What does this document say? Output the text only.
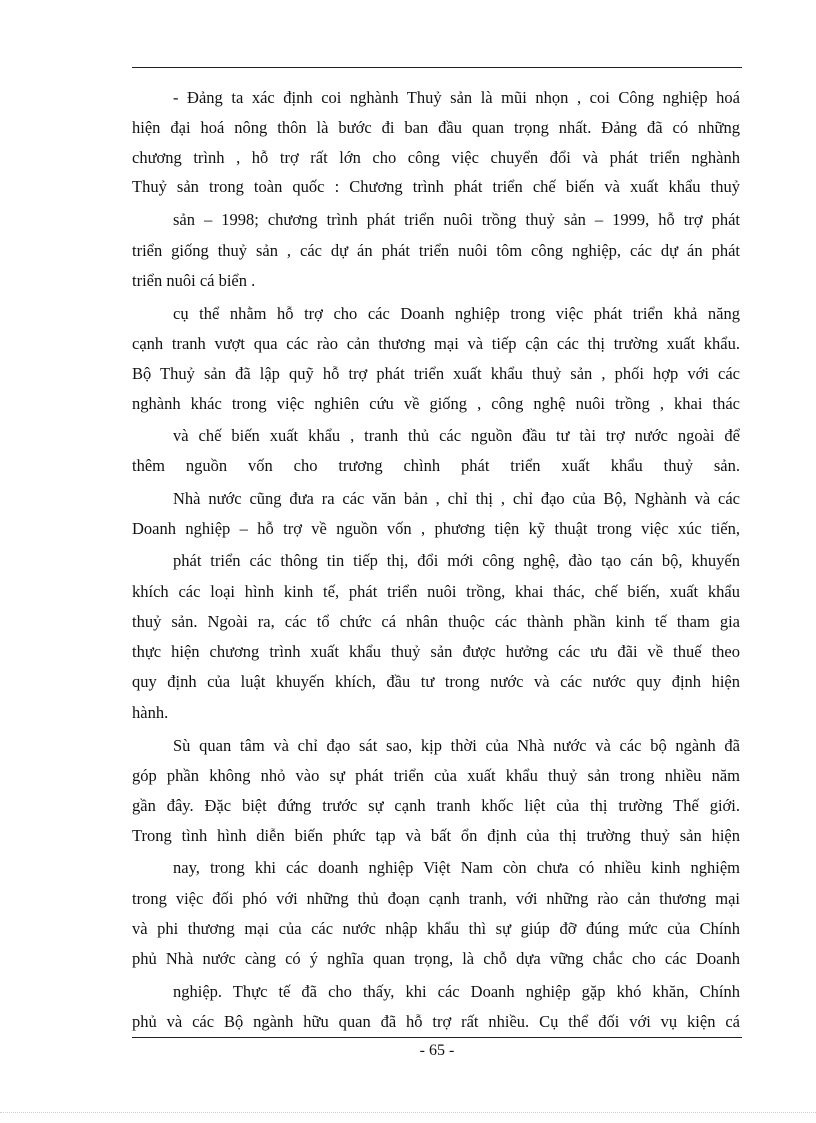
- Đảng ta xác định coi nghành Thuỷ sản là mũi nhọn , coi Công nghiệp hoá
hiện đại hoá nông thôn là bước đi ban đầu quan trọng nhất. Đảng đã có những
chương trình , hỗ trợ rất lớn cho công việc chuyển đổi và phát triển nghành
Thuỷ sản trong toàn quốc : Chương trình phát triển chế biến và xuất khẩu thuỷ
sản – 1998; chương trình phát triển nuôi trồng thuỷ sản – 1999, hỗ trợ phát
triển giống thuỷ sản , các dự án phát triển nuôi tôm công nghiệp, các dự án phát
triển nuôi cá biển .
cụ thể nhằm hỗ trợ cho các Doanh nghiệp trong việc phát triển khả năng
cạnh tranh vượt qua các rào cản thương mại và tiếp cận các thị trường xuất khẩu.
Bộ Thuỷ sản đã lập quỹ hỗ trợ phát triển xuất khẩu thuỷ sản , phối hợp với các
nghành khác trong việc nghiên cứu về giống , công nghệ nuôi trồng , khai thác
và chế biến xuất khẩu , tranh thủ các nguồn đầu tư tài trợ nước ngoài để
thêm nguồn vốn cho trương chình phát triển xuất khẩu thuỷ sản.
Nhà nước cũng đưa ra các văn bản , chỉ thị , chỉ đạo của Bộ, Nghành và các
Doanh nghiệp – hỗ trợ về nguồn vốn , phương tiện kỹ thuật trong việc xúc tiến,
phát triển các thông tin tiếp thị, đổi mới công nghệ, đào tạo cán bộ, khuyến
khích các loại hình kinh tế, phát triển nuôi trồng, khai thác, chế biến, xuất khẩu
thuỷ sản. Ngoài ra, các tổ chức cá nhân thuộc các thành phần kinh tế tham gia
thực hiện chương trình xuất khẩu thuỷ sản được hưởng các ưu đãi về thuế theo
quy định của luật khuyến khích, đầu tư trong nước và các nước quy định hiện
hành.
Sù quan tâm và chỉ đạo sát sao, kịp thời của Nhà nước và các bộ ngành đã
góp phần không nhỏ vào sự phát triển của xuất khẩu thuỷ sản trong nhiều năm
gần đây. Đặc biệt đứng trước sự cạnh tranh khốc liệt của thị trường Thế giới.
Trong tình hình diễn biến phức tạp và bất ổn định của thị trường thuỷ sản hiện
nay, trong khi các doanh nghiệp Việt Nam còn chưa có nhiều kinh nghiệm
trong việc đối phó với những thủ đoạn cạnh tranh, với những rào cản thương mại
và phi thương mại của các nước nhập khẩu thì sự giúp đỡ đúng mức của Chính
phủ Nhà nước càng có ý nghĩa quan trọng, là chỗ dựa vững chắc cho các Doanh
nghiệp. Thực tế đã cho thấy, khi các Doanh nghiệp gặp khó khăn, Chính
phủ và các Bộ ngành hữu quan đã hỗ trợ rất nhiều. Cụ thể đối với vụ kiện cá
- 65 -
